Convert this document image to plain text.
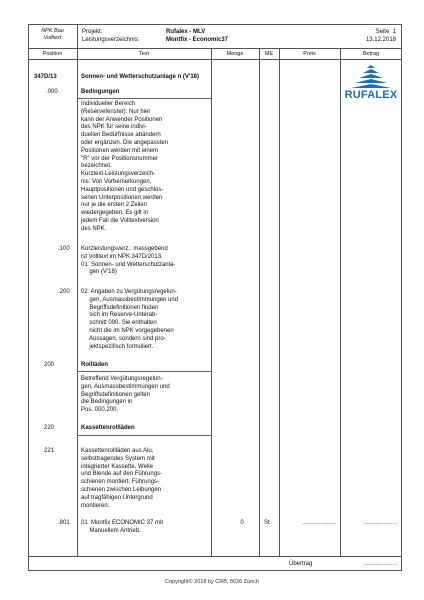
NPK Bau
Volltext
Projekt:	Rufalex - MLV
Leistungsverzeichnis:	Montfix - Economic37
Seite 1
13.12.2018
Position	Text	Menge	ME	Preis	Betrag
RUFALEX
347D/13	Sonnen- und Wetterschutzanlage n (V'18)
.000	Bedingungen
Individueller Bereich
(Reservefenster): Nur hier
kann der Anwender Positionen
des NPK für seine indivi-
duellen Bedürfnisse abändern
oder ergänzen. Die angepassten
Positionen werden mit einem
"R" vor der Positionsnummer
bezeichnet.
Kurztext-Leistungsverzeich-
nis: Von Vorbemerkungen,
Hauptpositionen und geschlos-
senen Unterpositionen werden
nur je die ersten 2 Zeilen
wiedergegeben. Es gilt in
jedem Fall die Volltextversion
des NPK.
.100 Kurzleistungsverz.: massgebend
ist Volltext im NPK 347D/2013.
01  Sonnen- und Wetterschutzanla-
gen (V'18)
.200 02  Angaben zu Vergütungsregelun-
gen, Ausmassbestimmungen und
Begriffsdefinitionen finden
sich im Reserve-Unterab-
schnitt 090. Sie enthalten
nicht die im NPK vorgegebenen
Aussagen, sondern sind pro-
jektspezifisch formuliert.
200	Rollläden
Betreffend Vergütungsregelun-
gen, Ausmassbestimmungen und
Begriffsdefinitionen gelten
die Bedingungen in
Pos. 000.200.
220	Kassettenrollläden
221	Kassettenrollläden aus Alu,
selbsttragendes System mit
integrierter Kassette, Welle
und Blende auf den Führungs-
schienen montiert. Führungs-
schienen zwischen Leibungen
auf tragfähigen Untergrund
montieren.
.801 01  Montfix ECONOMIC 37 mit
Manuellem Antrieb.
0	St	......................	......................
Übertrag	......................
Copyright© 2018 by CRB, 8036 Zürich
